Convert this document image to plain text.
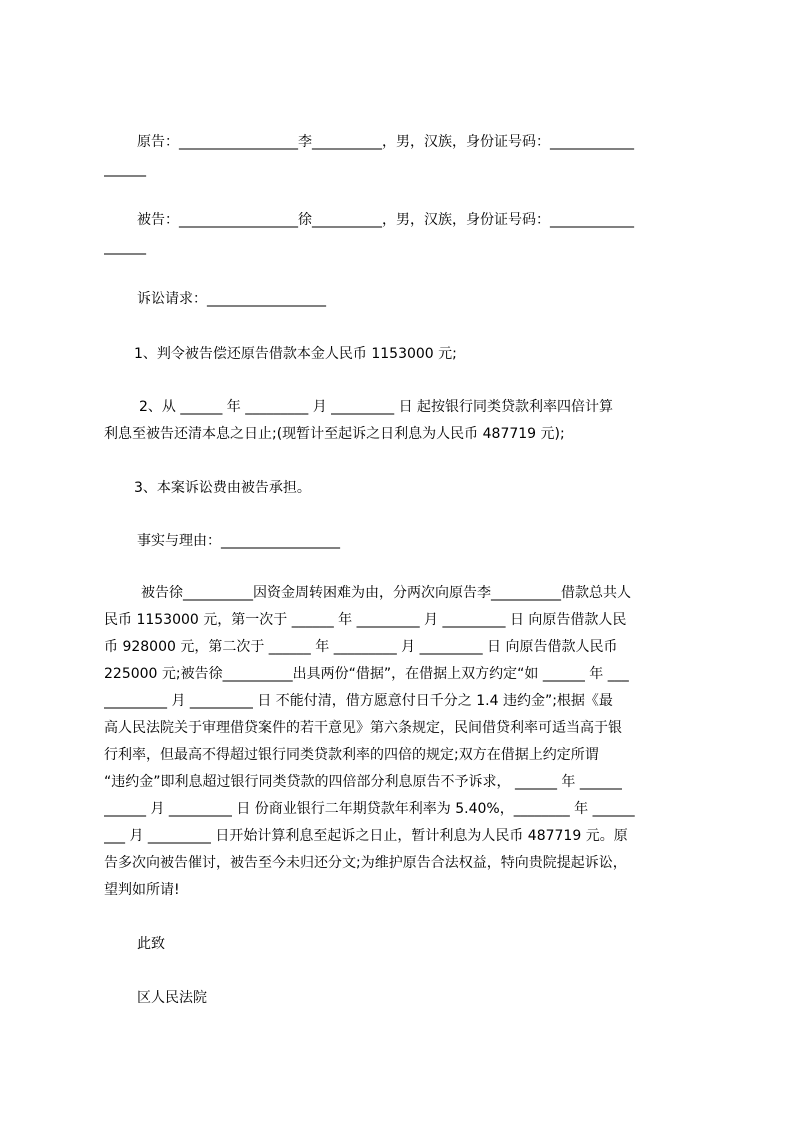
原告：_________________李__________，男，汉族，身份证号码：____________
______
被告：_________________徐__________，男，汉族，身份证号码：____________
______
诉讼请求：_________________
1、判令被告偿还原告借款本金人民币 1153000 元;
2、从 ______ 年 _________ 月 _________ 日 起按银行同类贷款利率四倍计算
利息至被告还清本息之日止;(现暂计至起诉之日利息为人民币 487719 元);
3、本案诉讼费由被告承担。
事实与理由：_________________
被告徐__________因资金周转困难为由，分两次向原告李__________借款总共人
民币 1153000 元，第一次于 ______ 年 _________ 月 _________ 日 向原告借款人民
币 928000 元，第二次于 ______ 年 _________ 月 _________ 日 向原告借款人民币
225000 元;被告徐__________出具两份“借据”，在借据上双方约定“如 ______ 年 ___
_________ 月 _________ 日 不能付清，借方愿意付日千分之 1.4 违约金”;根据《最
高人民法院关于审理借贷案件的若干意见》第六条规定，民间借贷利率可适当高于银
行利率，但最高不得超过银行同类贷款利率的四倍的规定;双方在借据上约定所谓
“违约金”即利息超过银行同类贷款的四倍部分利息原告不予诉求， ______ 年 ______
______ 月 _________ 日 份商业银行二年期贷款年利率为 5.40%，________ 年 ______
___ 月 _________ 日开始计算利息至起诉之日止，暂计利息为人民币 487719 元。原
告多次向被告催讨，被告至今未归还分文;为维护原告合法权益，特向贵院提起诉讼，
望判如所请!
此致
区人民法院
